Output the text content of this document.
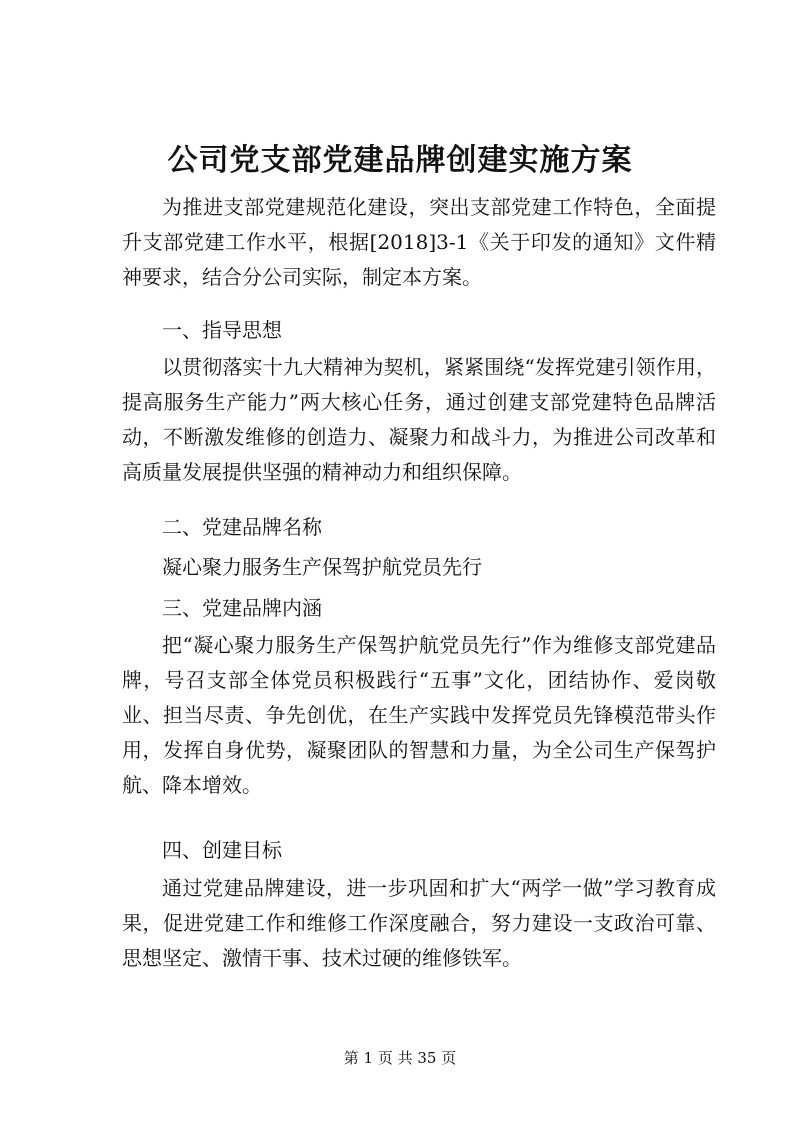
公司党支部党建品牌创建实施方案

为推进支部党建规范化建设，突出支部党建工作特色，全面提升支部党建工作水平，根据[2018]3-1《关于印发的通知》文件精神要求，结合分公司实际，制定本方案。

一、指导思想

以贯彻落实十九大精神为契机，紧紧围绕“发挥党建引领作用，提高服务生产能力”两大核心任务，通过创建支部党建特色品牌活动，不断激发维修的创造力、凝聚力和战斗力，为推进公司改革和高质量发展提供坚强的精神动力和组织保障。

二、党建品牌名称

凝心聚力服务生产保驾护航党员先行

三、党建品牌内涵

把“凝心聚力服务生产保驾护航党员先行”作为维修支部党建品牌，号召支部全体党员积极践行“五事”文化，团结协作、爱岗敬业、担当尽责、争先创优，在生产实践中发挥党员先锋模范带头作用，发挥自身优势，凝聚团队的智慧和力量，为全公司生产保驾护航、降本增效。

四、创建目标

通过党建品牌建设，进一步巩固和扩大“两学一做”学习教育成果，促进党建工作和维修工作深度融合，努力建设一支政治可靠、思想坚定、激情干事、技术过硬的维修铁军。

第 1 页 共 35 页
